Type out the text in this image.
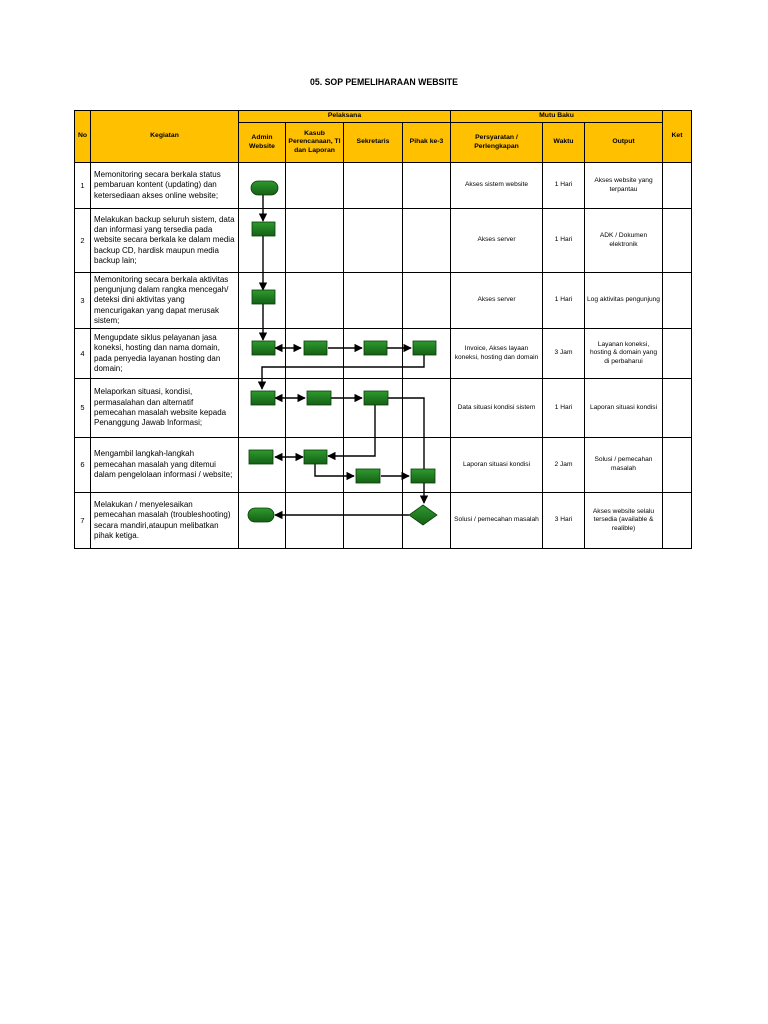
05. SOP PEMELIHARAAN WEBSITE
No	Kegiatan	Pelaksana				Mutu Baku			Ket
		Admin Website	Kasub Perencanaan, TI dan Laporan	Sekretaris	Pihak ke-3	Persyaratan / Perlengkapan	Waktu	Output	
1	Memonitoring secara berkala status pembaruan kontent (updating) dan ketersediaan akses online website;					Akses sistem website	1 Hari	Akses website yang terpantau	
2	Melakukan backup seluruh sistem, data dan informasi yang tersedia pada website secara berkala ke dalam media backup CD, hardisk maupun media backup lain;					Akses server	1 Hari	ADK / Dokumen elektronik	
3	Memonitoring secara berkala aktivitas pengunjung dalam rangka mencegah/ deteksi dini aktivitas yang mencurigakan yang dapat merusak sistem;					Akses server	1 Hari	Log aktivitas pengunjung	
4	Mengupdate siklus pelayanan jasa koneksi, hosting dan nama domain, pada penyedia layanan hosting dan domain;					Invoice, Akses layaan koneksi, hosting dan domain	3 Jam	Layanan koneksi, hosting & domain yang di perbaharui	
5	Melaporkan situasi, kondisi, permasalahan dan alternatif pemecahan masalah website kepada Penanggung Jawab Informasi;					Data situasi kondisi sistem	1 Hari	Laporan situasi kondisi	
6	Mengambil langkah-langkah pemecahan masalah yang ditemui dalam pengelolaan informasi / website;					Laporan situasi kondisi	2 Jam	Solusi / pemecahan masalah	
7	Melakukan / menyelesaikan pemecahan masalah (troubleshooting) secara mandiri,ataupun melibatkan pihak ketiga.					Solusi / pemecahan masalah	3 Hari	Akses website selalu tersedia (available & realible)	
